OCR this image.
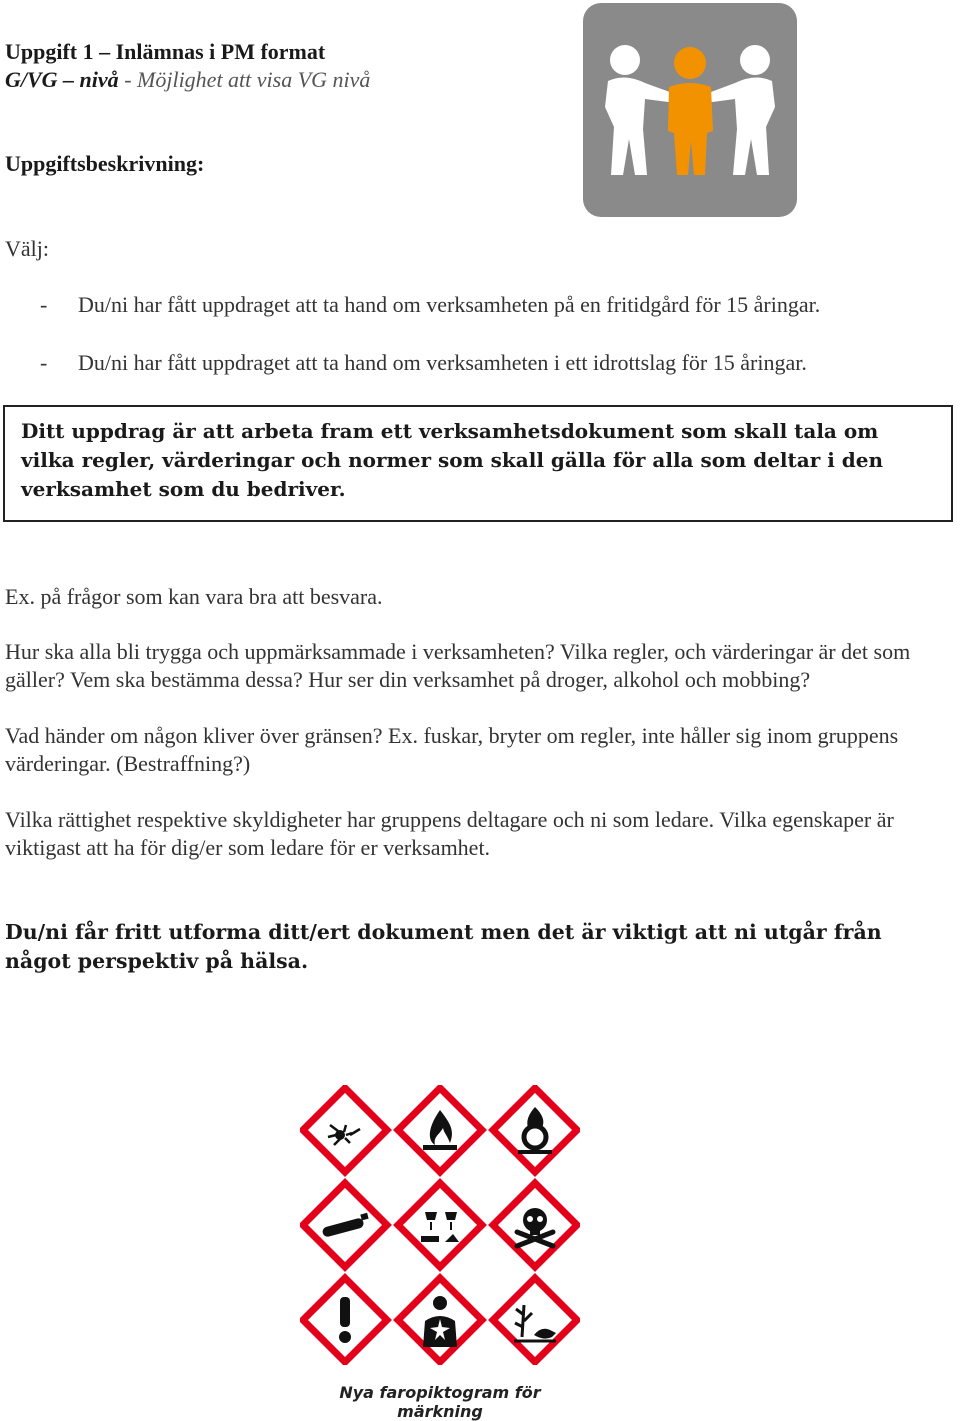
Uppgift 1 – Inlämnas i PM format
G/VG – nivå - Möjlighet att visa VG nivå
Uppgiftsbeskrivning:
Välj:
- Du/ni har fått uppdraget att ta hand om verksamheten på en fritidgård för 15 åringar.
- Du/ni har fått uppdraget att ta hand om verksamheten i ett idrottslag för 15 åringar.
Ditt uppdrag är att arbeta fram ett verksamhetsdokument som skall tala om vilka regler, värderingar och normer som skall gälla för alla som deltar i den verksamhet som du bedriver.
Ex. på frågor som kan vara bra att besvara.
Hur ska alla bli trygga och uppmärksammade i verksamheten? Vilka regler, och värderingar är det som gäller? Vem ska bestämma dessa? Hur ser din verksamhet på droger, alkohol och mobbing?
Vad händer om någon kliver över gränsen? Ex. fuskar, bryter om regler, inte håller sig inom gruppens värderingar. (Bestraffning?)
Vilka rättighet respektive skyldigheter har gruppens deltagare och ni som ledare. Vilka egenskaper är viktigast att ha för dig/er som ledare för er verksamhet.
Du/ni får fritt utforma ditt/ert dokument men det är viktigt att ni utgår från något perspektiv på hälsa.
Nya faropiktogram för märkning
